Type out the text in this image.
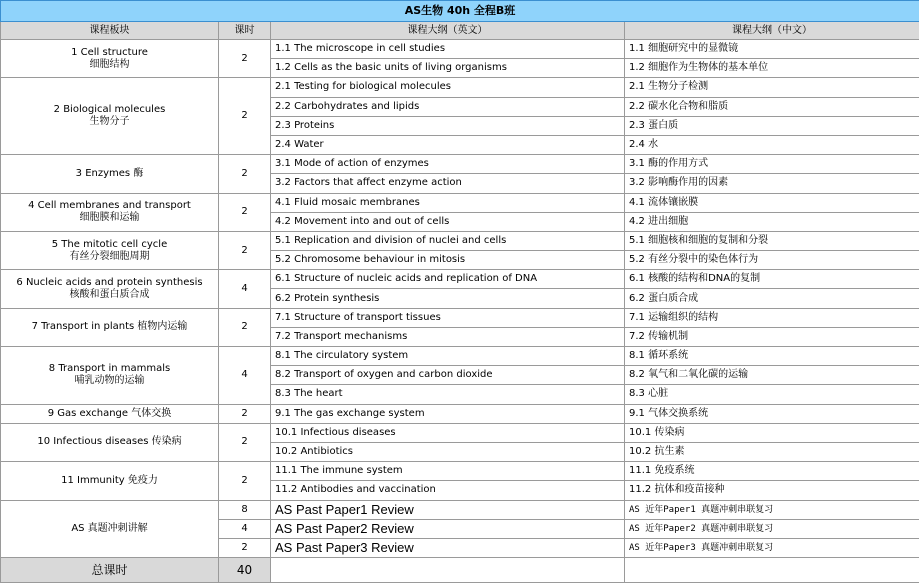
AS生物 40h 全程B班			
课程板块	课时	课程大纲（英文）	课程大纲（中文）

1 Cell structure
细胞结构	2	1.1 The microscope in cell studies	1.1 细胞研究中的显微镜
		1.2 Cells as the basic units of living organisms	1.2 细胞作为生物体的基本单位

2 Biological molecules
生物分子	2	2.1 Testing for biological molecules	2.1 生物分子检测
		2.2 Carbohydrates and lipids	2.2 碳水化合物和脂质
		2.3 Proteins	2.3 蛋白质
		2.4 Water	2.4 水

3 Enzymes 酶	2	3.1 Mode of action of enzymes	3.1 酶的作用方式
		3.2 Factors that affect enzyme action	3.2 影响酶作用的因素

4 Cell membranes and transport
细胞膜和运输	2	4.1 Fluid mosaic membranes	4.1 流体镶嵌膜
		4.2 Movement into and out of cells	4.2 进出细胞

5 The mitotic cell cycle
有丝分裂细胞周期	2	5.1 Replication and division of nuclei and cells	5.1 细胞核和细胞的复制和分裂
		5.2 Chromosome behaviour in mitosis	5.2 有丝分裂中的染色体行为

6 Nucleic acids and protein synthesis
核酸和蛋白质合成	4	6.1 Structure of nucleic acids and replication of DNA	6.1 核酸的结构和DNA的复制
		6.2 Protein synthesis	6.2 蛋白质合成

7 Transport in plants 植物内运输	2	7.1 Structure of transport tissues	7.1 运输组织的结构
		7.2 Transport mechanisms	7.2 传输机制

8 Transport in mammals
哺乳动物的运输	4	8.1 The circulatory system	8.1 循环系统
		8.2 Transport of oxygen and carbon dioxide	8.2 氧气和二氧化碳的运输
		8.3 The heart	8.3 心脏

9 Gas exchange 气体交换	2	9.1 The gas exchange system	9.1 气体交换系统

10 Infectious diseases 传染病	2	10.1 Infectious diseases	10.1 传染病
		10.2 Antibiotics	10.2 抗生素

11 Immunity 免疫力	2	11.1 The immune system	11.1 免疫系统
		11.2 Antibodies and vaccination	11.2 抗体和疫苗接种
AS 真题冲刺讲解	8	AS Past Paper1 Review	AS 近年Paper1 真题冲刺串联复习
	4	AS Past Paper2 Review	AS 近年Paper2 真题冲刺串联复习
	2	AS Past Paper3 Review	AS 近年Paper3 真题冲刺串联复习
总课时	40		
